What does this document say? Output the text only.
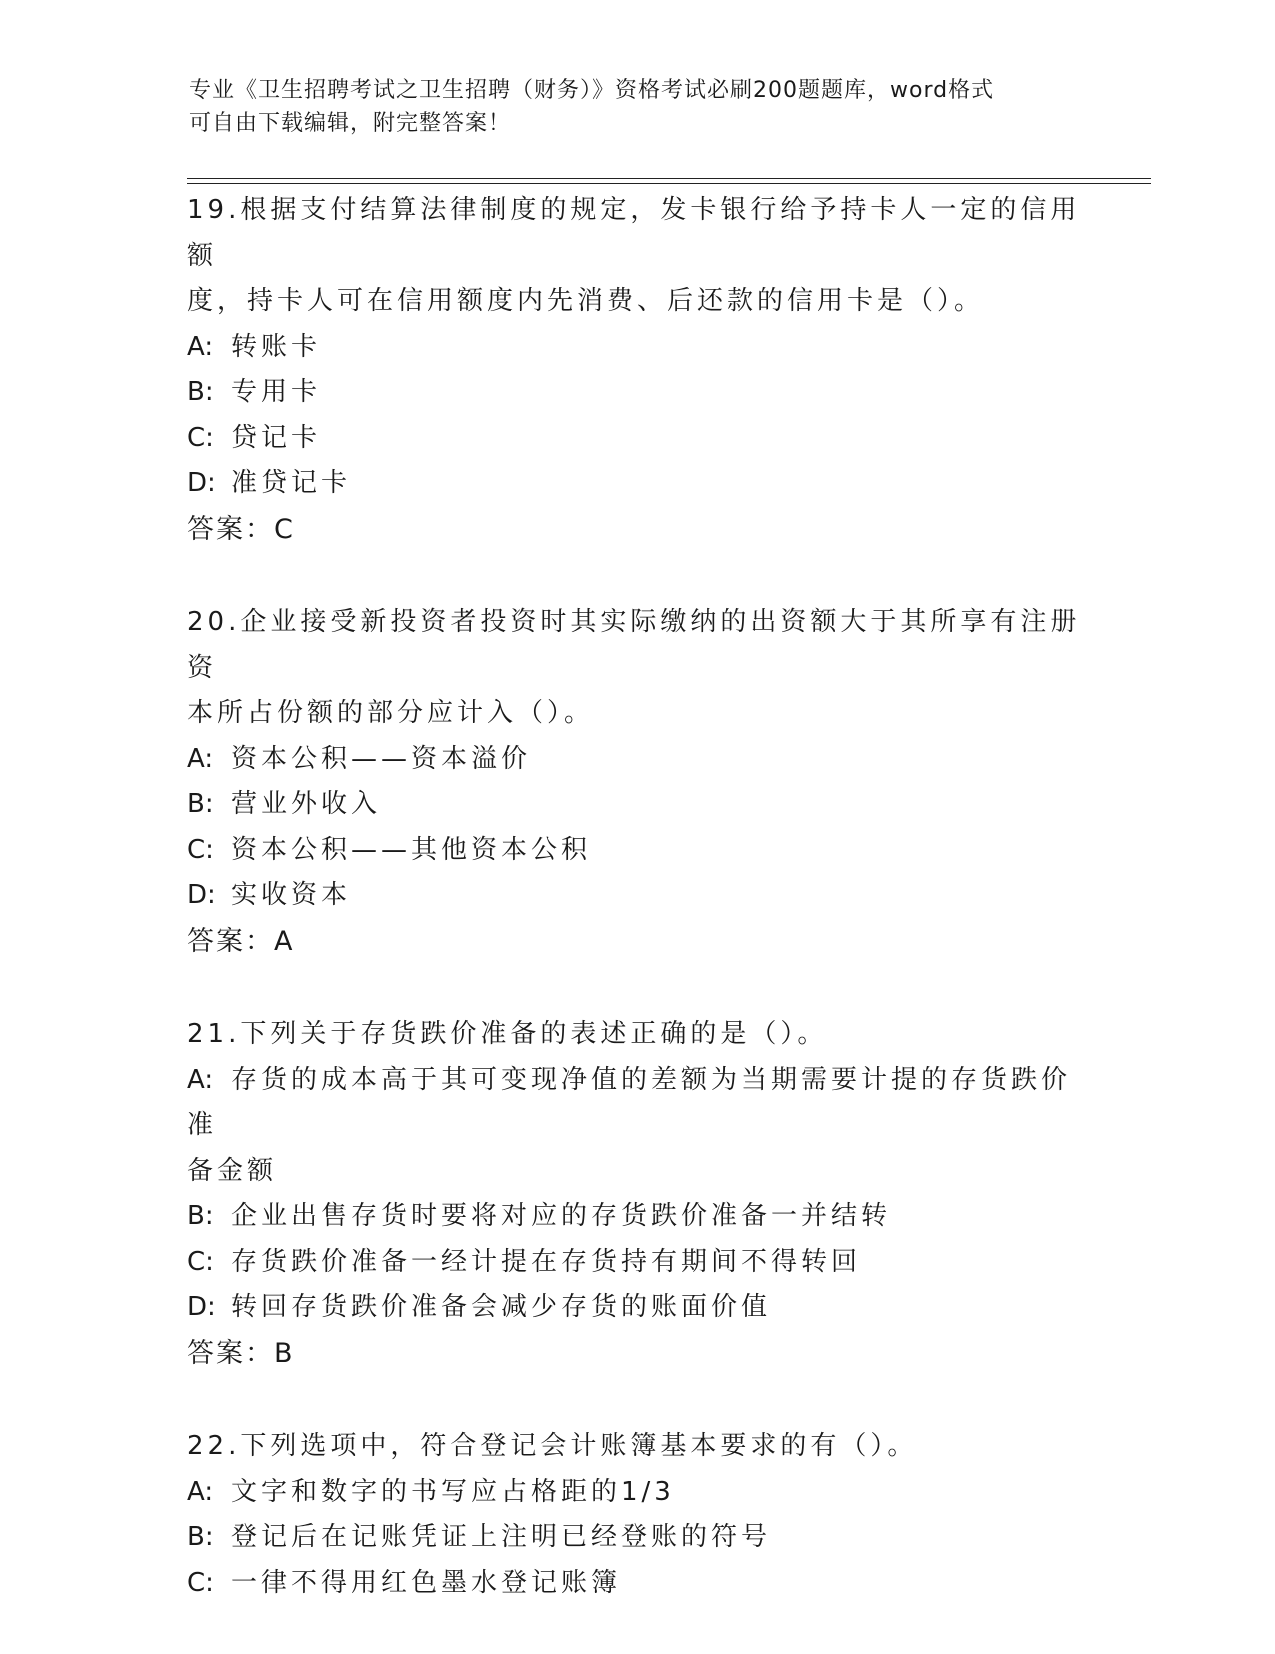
专业《卫生招聘考试之卫生招聘（财务）》资格考试必刷200题题库，word格式
可自由下载编辑，附完整答案！
19.根据支付结算法律制度的规定，发卡银行给予持卡人一定的信用额
度，持卡人可在信用额度内先消费、后还款的信用卡是（）。
A: 转账卡
B: 专用卡
C: 贷记卡
D: 准贷记卡
答案：C
20.企业接受新投资者投资时其实际缴纳的出资额大于其所享有注册资
本所占份额的部分应计入（）。
A: 资本公积——资本溢价
B: 营业外收入
C: 资本公积——其他资本公积
D: 实收资本
答案：A
21.下列关于存货跌价准备的表述正确的是（）。
A: 存货的成本高于其可变现净值的差额为当期需要计提的存货跌价准
备金额
B: 企业出售存货时要将对应的存货跌价准备一并结转
C: 存货跌价准备一经计提在存货持有期间不得转回
D: 转回存货跌价准备会减少存货的账面价值
答案：B
22.下列选项中，符合登记会计账簿基本要求的有（）。
A: 文字和数字的书写应占格距的1/3
B: 登记后在记账凭证上注明已经登账的符号
C: 一律不得用红色墨水登记账簿
